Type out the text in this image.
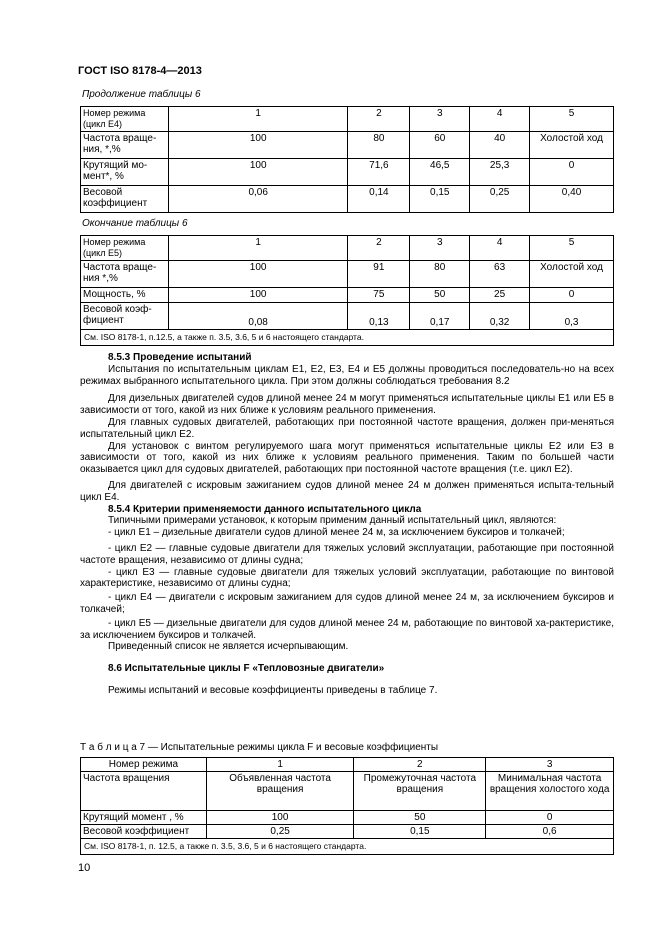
ГОСТ ISO 8178-4—2013
Продолжение таблицы 6
Номер режима (цикл Е4)	1	2	3	4	5
Частота враще-ния, *,%	100	80	60	40	Холостой ход
Крутящий мо-мент*, %	100	71,6	46,5	25,3	0
Весовой коэффициент	0,06	0,14	0,15	0,25	0,40
Окончание таблицы 6
Номер режима (цикл Е5)	1	2	3	4	5
Частота враще-ния *,%	100	91	80	63	Холостой ход
Мощность, %	100	75	50	25	0
Весовой коэф-фициент	0,08	0,13	0,17	0,32	0,3
См. ISO 8178-1, п.12.5, а также п. 3.5, 3.6, 5 и 6 настоящего стандарта.					

8.5.3 Проведение испытаний

Испытания по испытательным циклам Е1, Е2, Е3, Е4 и Е5 должны проводиться последователь-но на всех режимах выбранного испытательного цикла. При этом должны соблюдаться требования 8.2

Для дизельных двигателей судов длиной менее 24 м могут применяться испытательные циклы Е1 или Е5 в зависимости от того, какой из них ближе к условиям реального применения.

Для главных судовых двигателей, работающих при постоянной частоте вращения, должен при-меняться испытательный цикл Е2.

Для установок с винтом регулируемого шага могут применяться испытательные циклы Е2 или Е3 в зависимости от того, какой из них ближе к условиям реального применения. Таким по большей части оказывается цикл для судовых двигателей, работающих при постоянной частоте вращения (т.е. цикл Е2).

Для двигателей с искровым зажиганием судов длиной менее 24 м должен применяться испыта-тельный цикл Е4.

8.5.4 Критерии применяемости данного испытательного цикла

Типичными примерами установок, к которым применим данный испытательный цикл, являются:

- цикл Е1 – дизельные двигатели судов длиной менее 24 м, за исключением буксиров и толкачей;

- цикл Е2 — главные судовые двигатели для тяжелых условий эксплуатации, работающие при постоянной частоте вращения, независимо от длины судна;

- цикл Е3 — главные судовые двигатели для тяжелых условий эксплуатации, работающие по винтовой характеристике, независимо от длины судна;

- цикл Е4 — двигатели с искровым зажиганием для судов длиной менее 24 м, за исключением буксиров и толкачей;

- цикл Е5 — дизельные двигатели для судов длиной менее 24 м, работающие по винтовой ха-рактеристике, за исключением буксиров и толкачей.

Приведенный список не является исчерпывающим.

8.6 Испытательные циклы F «Тепловозные двигатели»

Режимы испытаний и весовые коэффициенты приведены в таблице 7.

Т а б л и ц а 7 — Испытательные режимы цикла F и весовые коэффициенты
Номер режима	1	2	3
Частота вращения	Объявленная частота вращения	Промежуточная частота вращения	Минимальная частота вращения холостого хода
Крутящий момент , %	100	50	0
Весовой коэффициент	0,25	0,15	0,6
См. ISO 8178-1, п. 12.5, а также п. 3.5, 3.6, 5 и 6 настоящего стандарта.			
10
